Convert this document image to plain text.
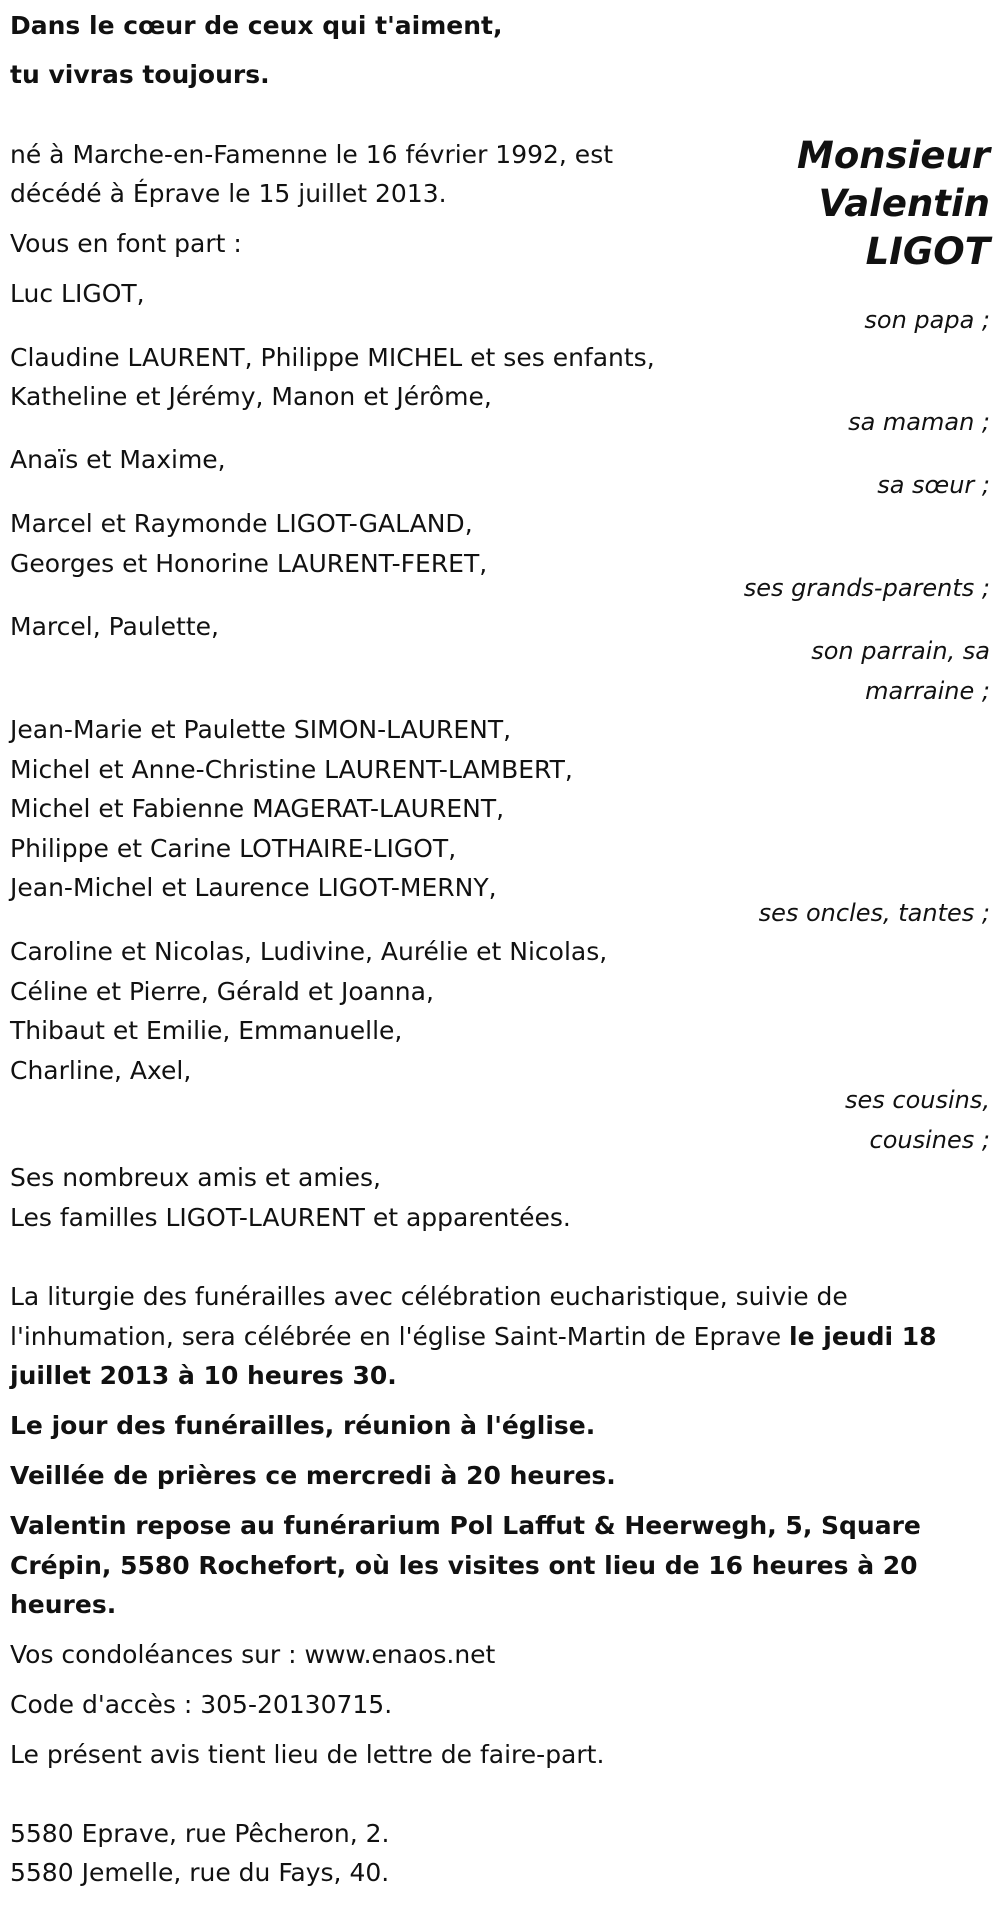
Dans le cœur de ceux qui t'aiment,
tu vivras toujours.
Monsieur
Valentin
LIGOT
né à Marche-en-Famenne le 16 février 1992, est
décédé à Éprave le 15 juillet 2013.
Vous en font part :
Luc LIGOT,
son papa ;
Claudine LAURENT, Philippe MICHEL et ses enfants,
Katheline et Jérémy, Manon et Jérôme,
sa maman ;
Anaïs et Maxime,
sa sœur ;
Marcel et Raymonde LIGOT-GALAND,
Georges et Honorine LAURENT-FERET,
ses grands-parents ;
Marcel, Paulette,
son parrain, sa
marraine ;
Jean-Marie et Paulette SIMON-LAURENT,
Michel et Anne-Christine LAURENT-LAMBERT,
Michel et Fabienne MAGERAT-LAURENT,
Philippe et Carine LOTHAIRE-LIGOT,
Jean-Michel et Laurence LIGOT-MERNY,
ses oncles, tantes ;
Caroline et Nicolas, Ludivine, Aurélie et Nicolas,
Céline et Pierre, Gérald et Joanna,
Thibaut et Emilie, Emmanuelle,
Charline, Axel,
ses cousins,
cousines ;
Ses nombreux amis et amies,
Les familles LIGOT-LAURENT et apparentées.
La liturgie des funérailles avec célébration eucharistique, suivie de
l'inhumation, sera célébrée en l'église Saint-Martin de Eprave le jeudi 18
juillet 2013 à 10 heures 30.
Le jour des funérailles, réunion à l'église.
Veillée de prières ce mercredi à 20 heures.
Valentin repose au funérarium Pol Laffut & Heerwegh, 5, Square
Crépin, 5580 Rochefort, où les visites ont lieu de 16 heures à 20
heures.
Vos condoléances sur : www.enaos.net
Code d'accès : 305-20130715.
Le présent avis tient lieu de lettre de faire-part.
5580 Eprave, rue Pêcheron, 2.
5580 Jemelle, rue du Fays, 40.
